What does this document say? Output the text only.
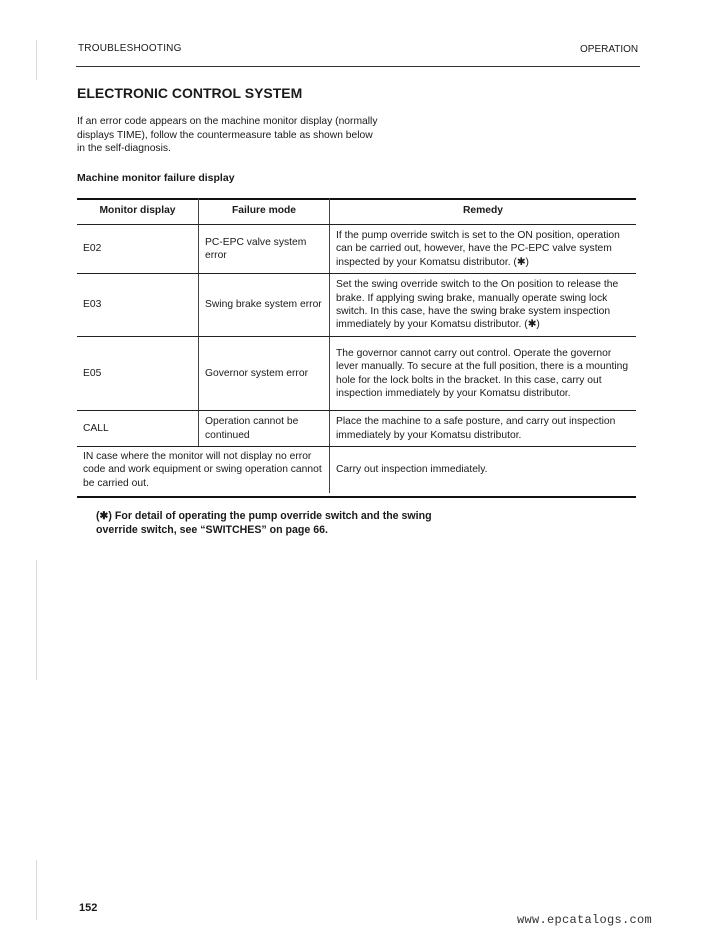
TROUBLESHOOTING	OPERATION
ELECTRONIC CONTROL SYSTEM
If an error code appears on the machine monitor display (normally
displays TIME), follow the countermeasure table as shown below
in the self-diagnosis.
Machine monitor failure display
Monitor display	Failure mode	Remedy
E02	PC-EPC valve system error	If the pump override switch is set to the ON position, operation can be carried out, however, have the PC-EPC valve system inspected by your Komatsu distributor. (✱)
E03	Swing brake system error	Set the swing override switch to the On position to release the brake. If applying swing brake, manually operate swing lock switch. In this case, have the swing brake system inspection immediately by your Komatsu distributor. (✱)
E05	Governor system error	The governor cannot carry out control. Operate the governor lever manually. To secure at the full position, there is a mounting hole for the lock bolts in the bracket. In this case, carry out inspection immediately by your Komatsu distributor.
CALL	Operation cannot be continued	Place the machine to a safe posture, and carry out inspection immediately by your Komatsu distributor.
IN case where the monitor will not display no error code and work equipment or swing operation cannot be carried out.		Carry out inspection immediately.
(✱) For detail of operating the pump override switch and the swing override switch, see “SWITCHES” on page 66.
152
www.epcatalogs.com
